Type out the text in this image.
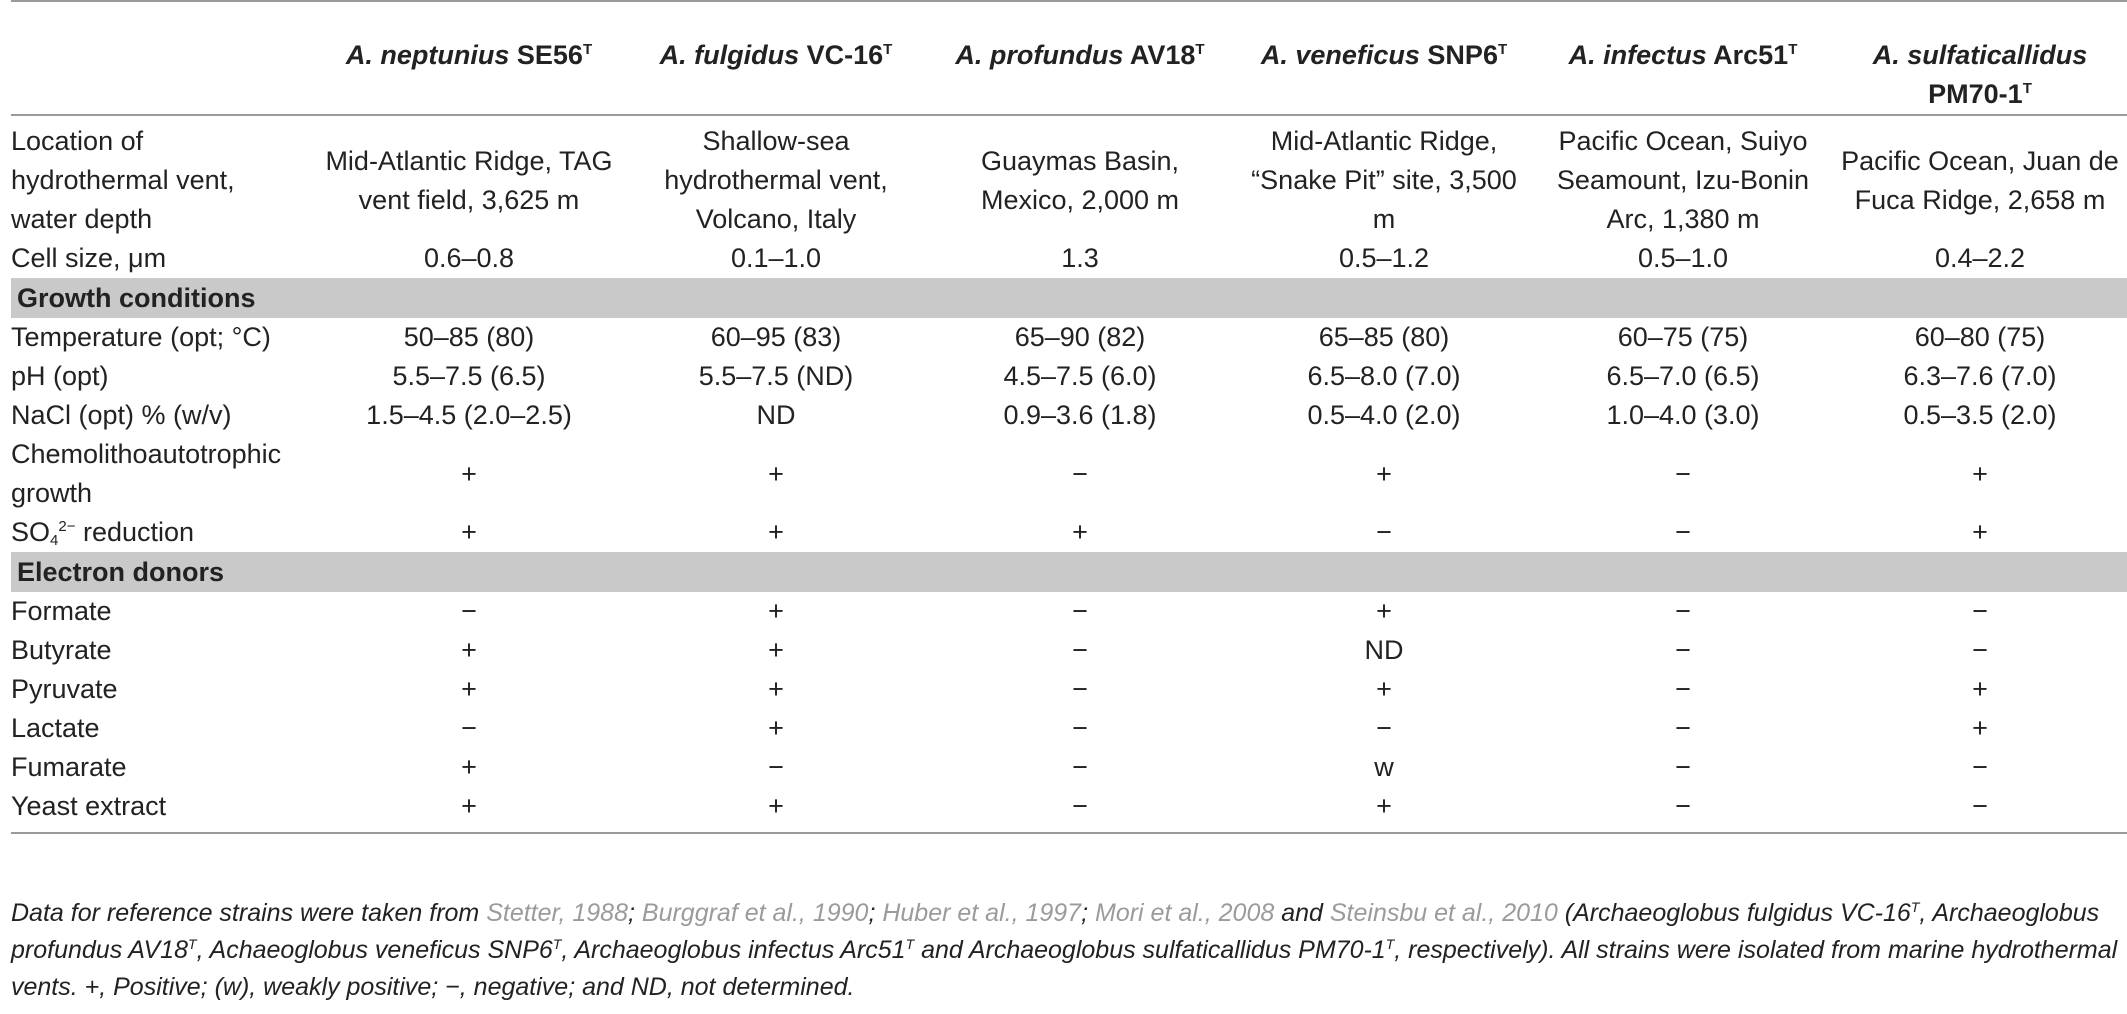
	A. neptunius $SE56^T$	A. fulgidus $VC-16^T$	A. profundus $AV18^T$	A. veneficus $SNP6^T$	A. infectus $Arc51^T$	A. sulfaticallidus
$PM70-1^T$
Location of hydrothermal vent, water depth	Mid-Atlantic Ridge, TAG vent field, 3,625 m	Shallow-sea hydrothermal vent, Volcano, Italy	Guaymas Basin, Mexico, 2,000 m	Mid-Atlantic Ridge, “Snake Pit” site, 3,500 m	Pacific Ocean, Suiyo Seamount, Izu-Bonin Arc, 1,380 m	Pacific Ocean, Juan de Fuca Ridge, 2,658 m
Cell size, μm	0.6–0.8	0.1–1.0	1.3	0.5–1.2	0.5–1.0	0.4–2.2
Growth conditions						
Temperature (opt; °C)	50–85 (80)	60–95 (83)	65–90 (82)	65–85 (80)	60–75 (75)	60–80 (75)
pH (opt)	5.5–7.5 (6.5)	5.5–7.5 (ND)	4.5–7.5 (6.0)	6.5–8.0 (7.0)	6.5–7.0 (6.5)	6.3–7.6 (7.0)
NaCl (opt) % (w/v)	1.5–4.5 (2.0–2.5)	ND	0.9–3.6 (1.8)	0.5–4.0 (2.0)	1.0–4.0 (3.0)	0.5–3.5 (2.0)
Chemolithoautotrophic growth	+	+	−	+	−	+
$SO_4^{2-}$ reduction	+	+	+	−	−	+
Electron donors						
Formate	−	+	−	+	−	−
Butyrate	+	+	−	ND	−	−
Pyruvate	+	+	−	+	−	+
Lactate	−	+	−	−	−	+
Fumarate	+	−	−	w	−	−
Yeast extract	+	+	−	+	−	−
Data for reference strains were taken from Stetter, 1988; Burggraf et al., 1990; Huber et al., 1997; Mori et al., 2008 and Steinsbu et al., 2010 (Archaeoglobus fulgidus $VC-16^T$, Archaeoglobus profundus $AV18^T$, Achaeoglobus veneficus $SNP6^T$, Archaeoglobus infectus $Arc51^T$ and Archaeoglobus sulfaticallidus $PM70-1^T$, respectively). All strains were isolated from marine hydrothermal vents. +, Positive; (w), weakly positive; −, negative; and ND, not determined.
